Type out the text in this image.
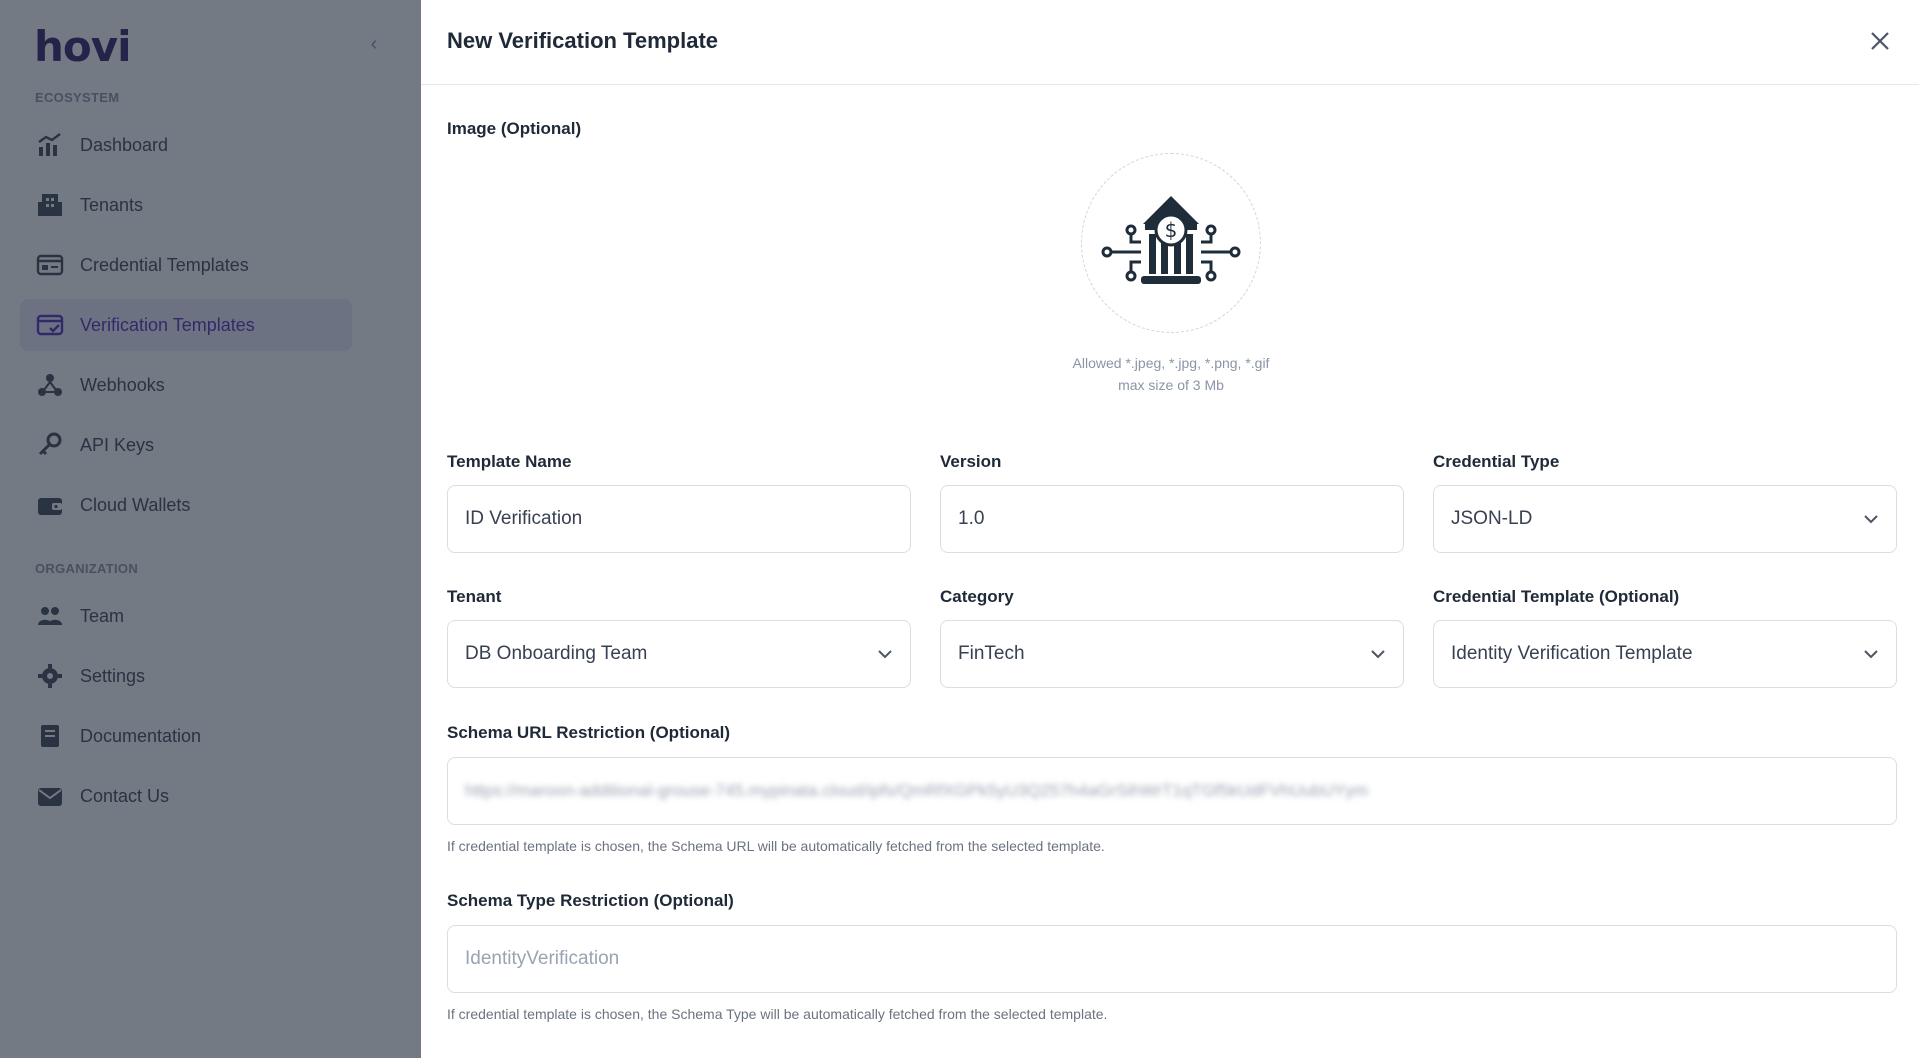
New Verification Template
Image (Optional)
$
Allowed *.jpeg, *.jpg, *.png, *.gif
max size of 3 Mb
Template Name
ID Verification
Version
1.0
Credential Type
JSON-LD
Tenant
DB Onboarding Team
Category
FinTech
Credential Template (Optional)
Identity Verification Template
Schema URL Restriction (Optional)
https://maroon-additional-grouse-745.mypinata.cloud/ipfs/QmRfXGPk5yU3Q257h4aGrSihWrT1qTGf5kUdFVhUubUYym
If credential template is chosen, the Schema URL will be automatically fetched from the selected template.
Schema Type Restriction (Optional)
IdentityVerification
If credential template is chosen, the Schema Type will be automatically fetched from the selected template.
